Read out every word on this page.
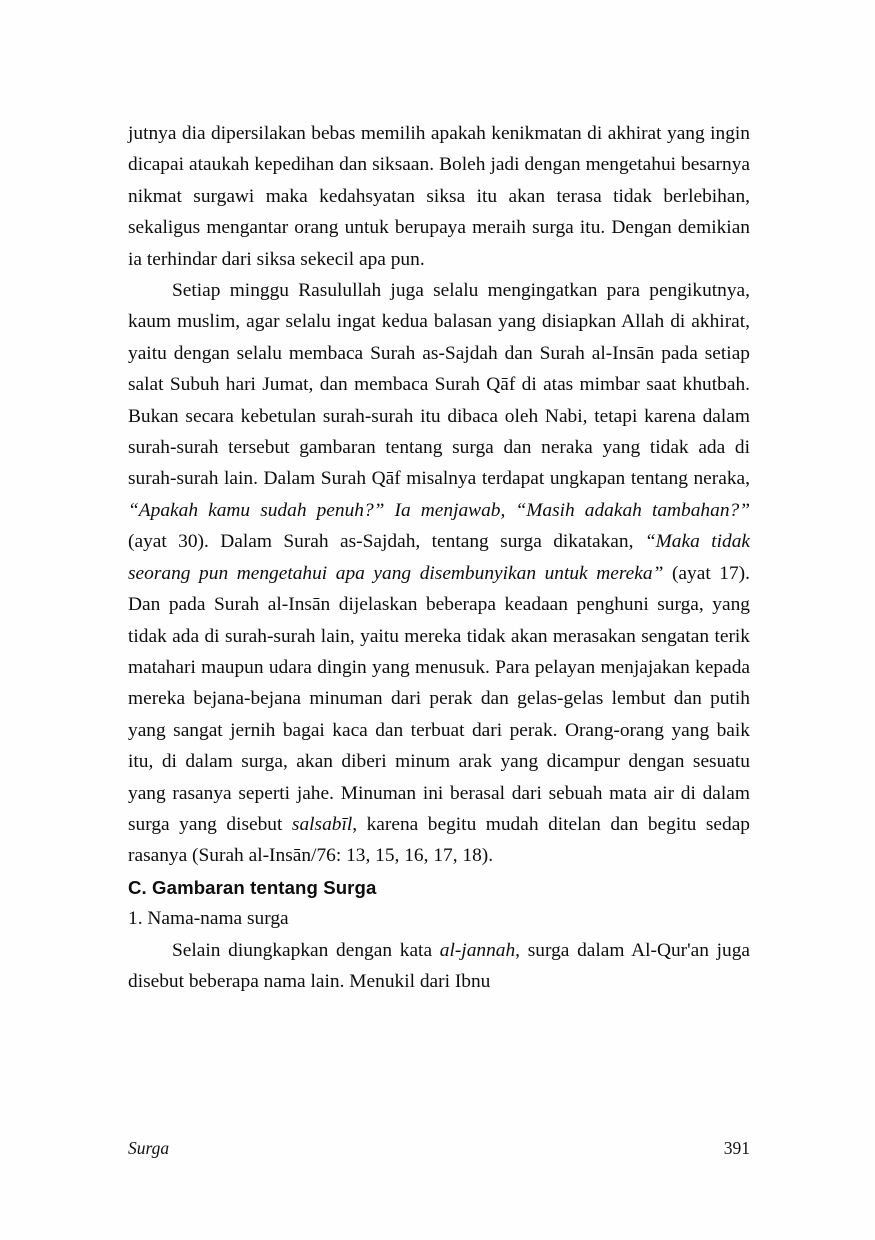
jutnya dia dipersilakan bebas memilih apakah kenikmatan di akhirat yang ingin dicapai ataukah kepedihan dan siksaan. Boleh jadi dengan mengetahui besarnya nikmat surgawi maka kedahsyatan siksa itu akan terasa tidak berlebihan, sekaligus mengantar orang untuk berupaya meraih surga itu. Dengan demikian ia terhindar dari siksa sekecil apa pun.

Setiap minggu Rasulullah juga selalu mengingatkan para pengikutnya, kaum muslim, agar selalu ingat kedua balasan yang disiapkan Allah di akhirat, yaitu dengan selalu membaca Surah as-Sajdah dan Surah al-Insān pada setiap salat Subuh hari Jumat, dan membaca Surah Qāf di atas mimbar saat khutbah. Bukan secara kebetulan surah-surah itu dibaca oleh Nabi, tetapi karena dalam surah-surah tersebut gambaran tentang surga dan neraka yang tidak ada di surah-surah lain. Dalam Surah Qāf misalnya terdapat ungkapan tentang neraka, “Apakah kamu sudah penuh?” Ia menjawab, “Masih adakah tambahan?” (ayat 30). Dalam Surah as-Sajdah, tentang surga dikatakan, “Maka tidak seorang pun mengetahui apa yang disembunyikan untuk mereka” (ayat 17). Dan pada Surah al-Insān dijelaskan beberapa keadaan penghuni surga, yang tidak ada di surah-surah lain, yaitu mereka tidak akan merasakan sengatan terik matahari maupun udara dingin yang menusuk. Para pelayan menjajakan kepada mereka bejana-bejana minuman dari perak dan gelas-gelas lembut dan putih yang sangat jernih bagai kaca dan terbuat dari perak. Orang-orang yang baik itu, di dalam surga, akan diberi minum arak yang dicampur dengan sesuatu yang rasanya seperti jahe. Minuman ini berasal dari sebuah mata air di dalam surga yang disebut salsabīl, karena begitu mudah ditelan dan begitu sedap rasanya (Surah al-Insān/76: 13, 15, 16, 17, 18).

C. Gambaran tentang Surga

1. Nama-nama surga

Selain diungkapkan dengan kata al-jannah, surga dalam Al-Qur'an juga disebut beberapa nama lain. Menukil dari Ibnu

Surga	391
